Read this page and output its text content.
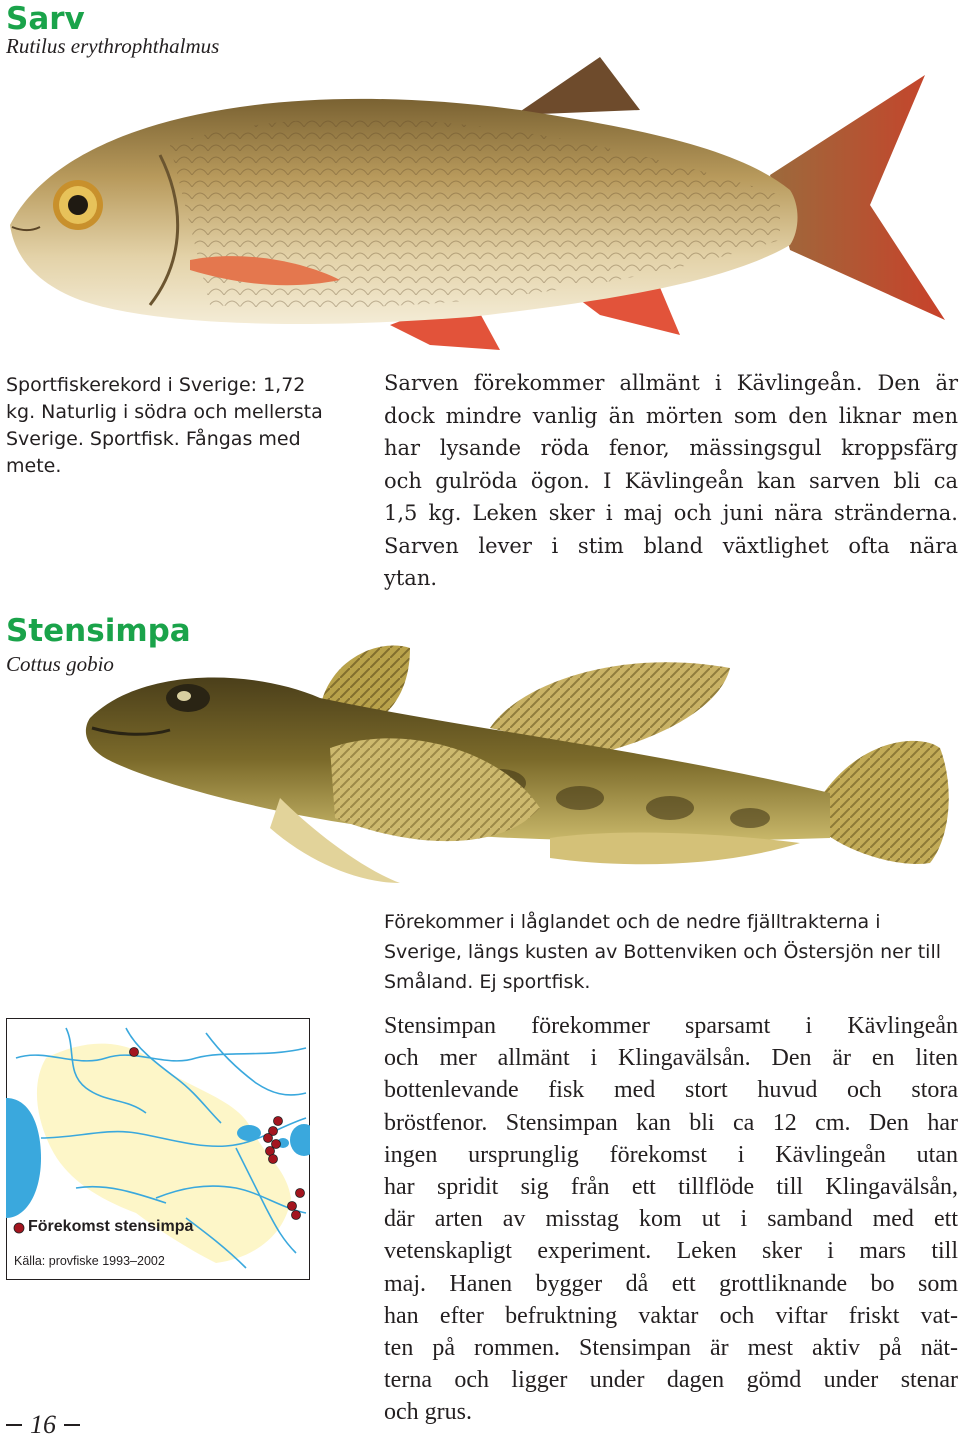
Sarv
Rutilus erythrophthalmus
Sportfiskerekord i Sverige: 1,72 kg. Naturlig i södra och mellersta Sverige. Sportfisk. Fångas med mete.

Sarven förekommer allmänt i Kävlingeån. Den är

dock mindre vanlig än mörten som den liknar men

har lysande röda fenor, mässingsgul kroppsfärg

och gulröda ögon. I Kävlingeån kan sarven bli ca

1,5 kg. Leken sker i maj och juni nära stränderna.

Sarven lever i stim bland växtlighet ofta nära

ytan.

Stensimpa
Cottus gobio
Förekommer i låglandet och de nedre fjälltrakterna i Sverige, längs kusten av Bottenviken och Östersjön ner till Småland. Ej sportfisk.
Förekomst stensimpa
Källa: provfiske 1993–2002

Stensimpan förekommer sparsamt i Kävlingeån

och mer allmänt i Klingavälsån. Den är en liten

bottenlevande fisk med stort huvud och stora

bröstfenor. Stensimpan kan bli ca 12 cm. Den har

ingen ursprunglig förekomst i Kävlingeån utan

har spridit sig från ett tillflöde till Klingavälsån,

där arten av misstag kom ut i samband med ett

vetenskapligt experiment. Leken sker i mars till

maj. Hanen bygger då ett grottliknande bo som

han efter befruktning vaktar och viftar friskt vat-

ten på rommen. Stensimpan är mest aktiv på nät-

terna och ligger under dagen gömd under stenar

och grus.

16
